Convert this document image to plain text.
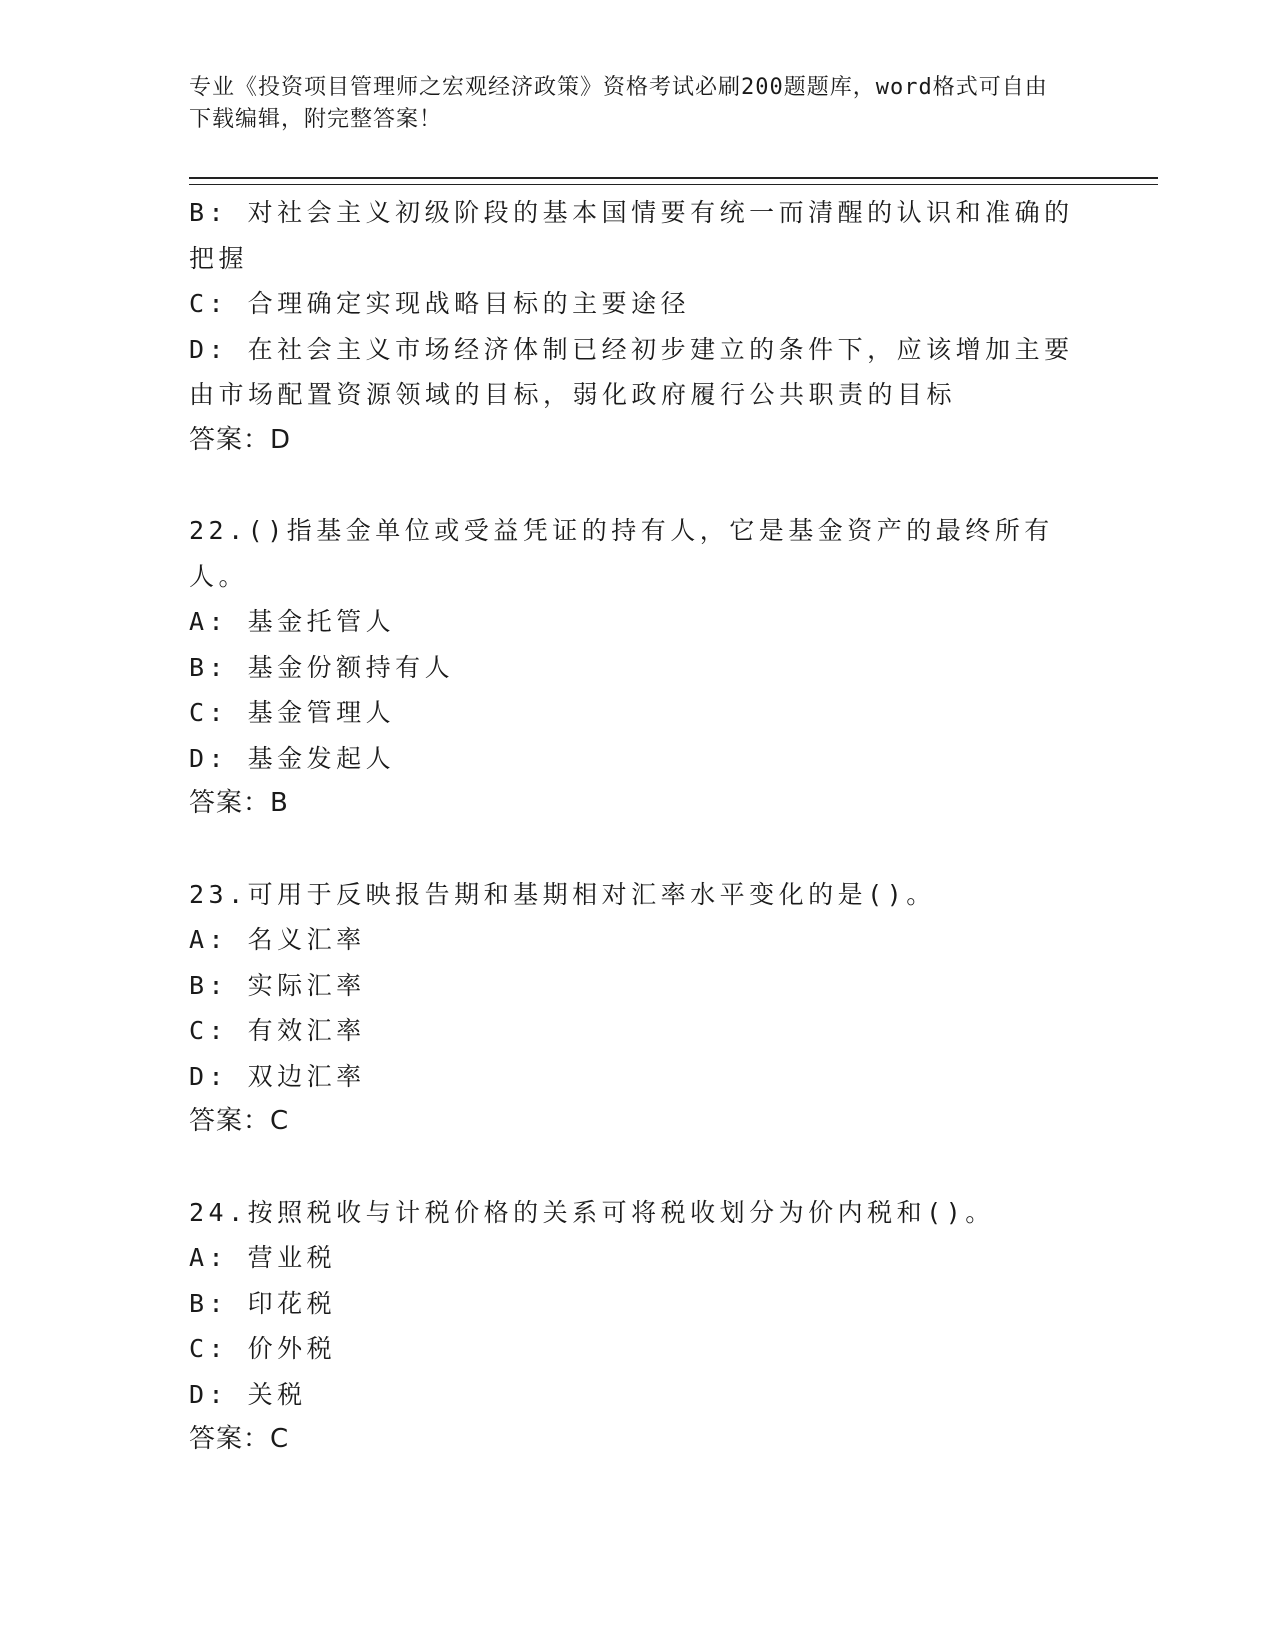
专业《投资项目管理师之宏观经济政策》资格考试必刷200题题库，word格式可自由下载编辑，附完整答案！
B: 对社会主义初级阶段的基本国情要有统一而清醒的认识和准确的把握
C: 合理确定实现战略目标的主要途径
D: 在社会主义市场经济体制已经初步建立的条件下，应该增加主要由市场配置资源领域的目标，弱化政府履行公共职责的目标
答案：D
22.()指基金单位或受益凭证的持有人，它是基金资产的最终所有人。
A: 基金托管人
B: 基金份额持有人
C: 基金管理人
D: 基金发起人
答案：B
23.可用于反映报告期和基期相对汇率水平变化的是()。
A: 名义汇率
B: 实际汇率
C: 有效汇率
D: 双边汇率
答案：C
24.按照税收与计税价格的关系可将税收划分为价内税和()。
A: 营业税
B: 印花税
C: 价外税
D: 关税
答案：C
